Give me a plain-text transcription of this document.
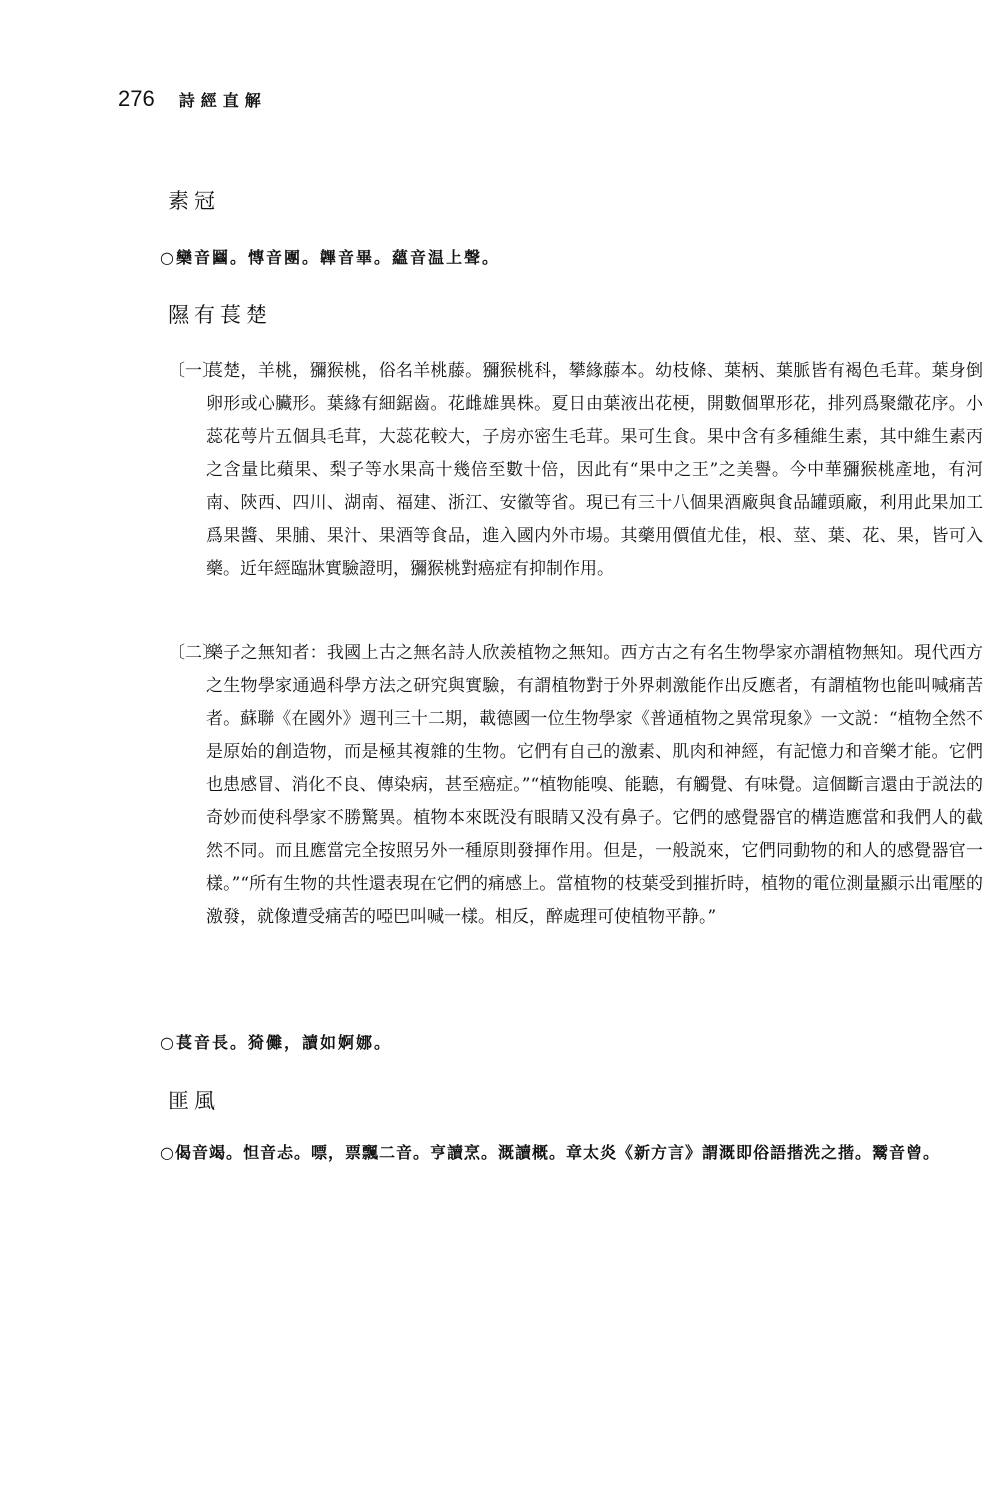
276 詩經直解
素冠
○欒音圝。慱音團。韠音畢。蘊音温上聲。
隰有萇楚
〔一〕
萇楚，羊桃，獼猴桃，俗名羊桃藤。獼猴桃科，攀緣藤本。幼枝條、葉柄、葉脈皆有褐色毛茸。葉身倒卵形或心臟形。葉緣有細鋸齒。花雌雄異株。夏日由葉液出花梗，開數個單形花，排列爲聚繖花序。小蕊花萼片五個具毛茸，大蕊花較大，子房亦密生毛茸。果可生食。果中含有多種維生素，其中維生素丙之含量比蘋果、梨子等水果高十幾倍至數十倍，因此有“果中之王”之美譽。今中華獼猴桃產地，有河南、陝西、四川、湖南、福建、浙江、安徽等省。現已有三十八個果酒廠與食品罐頭廠，利用此果加工爲果醬、果脯、果汁、果酒等食品，進入國内外市場。其藥用價值尤佳，根、莖、葉、花、果，皆可入藥。近年經臨牀實驗證明，獼猴桃對癌症有抑制作用。
〔二〕
樂子之無知者：我國上古之無名詩人欣羨植物之無知。西方古之有名生物學家亦謂植物無知。現代西方之生物學家通過科學方法之研究與實驗，有謂植物對于外界刺激能作出反應者，有謂植物也能叫喊痛苦者。蘇聯《在國外》週刊三十二期，載德國一位生物學家《普通植物之異常現象》一文説：“植物全然不是原始的創造物，而是極其複雜的生物。它們有自己的激素、肌肉和神經，有記憶力和音樂才能。它們也患感冒、消化不良、傳染病，甚至癌症。”“植物能嗅、能聽，有觸覺、有味覺。這個斷言還由于説法的奇妙而使科學家不勝驚異。植物本來既没有眼睛又没有鼻子。它們的感覺器官的構造應當和我們人的截然不同。而且應當完全按照另外一種原則發揮作用。但是，一般説來，它們同動物的和人的感覺器官一樣。”“所有生物的共性還表現在它們的痛感上。當植物的枝葉受到摧折時，植物的電位測量顯示出電壓的激發，就像遭受痛苦的啞巴叫喊一樣。相反，醉處理可使植物平静。”
○萇音長。猗儺，讀如婀娜。
匪風
○偈音竭。怛音忐。嘌，票飄二音。亨讀烹。溉讀概。章太炎《新方言》謂溉即俗語揩洗之揩。鬵音曾。
